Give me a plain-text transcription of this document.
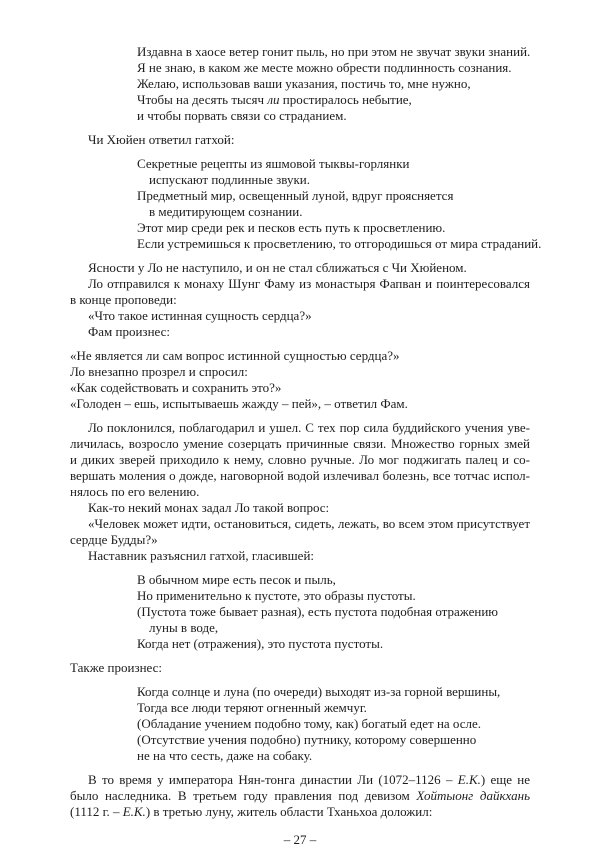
Издавна в хаосе ветер гонит пыль, но при этом не звучат звуки знаний.
Я не знаю, в каком же месте можно обрести подлинность сознания.
Желаю, использовав ваши указания, постичь то, мне нужно,
Чтобы на десять тысяч ли простиралось небытие,
и чтобы порвать связи со страданием.
Чи Хюйен ответил гатхой:
Секретные рецепты из яшмовой тыквы-горлянки
испускают подлинные звуки.
Предметный мир, освещенный луной, вдруг проясняется
в медитирующем сознании.
Этот мир среди рек и песков есть путь к просветлению.
Если устремишься к просветлению, то отгородишься от мира страданий.
Ясности у Ло не наступило, и он не стал сближаться с Чи Хюйеном.
Ло отправился к монаху Шунг Фаму из монастыря Фапван и поинтересовался
в конце проповеди:
«Что такое истинная сущность сердца?»
Фам произнес:
«Не является ли сам вопрос истинной сущностью сердца?»
Ло внезапно прозрел и спросил:
«Как содействовать и сохранить это?»
«Голоден – ешь, испытываешь жажду – пей», – ответил Фам.
Ло поклонился, поблагодарил и ушел. С тех пор сила буддийского учения уве-
личилась, возросло умение созерцать причинные связи. Множество горных змей
и диких зверей приходило к нему, словно ручные. Ло мог поджигать палец и со-
вершать моления о дожде, наговорной водой излечивал болезнь, все тотчас испол-
нялось по его велению.
Как-то некий монах задал Ло такой вопрос:
«Человек может идти, остановиться, сидеть, лежать, во всем этом присутствует
сердце Будды?»
Наставник разъяснил гатхой, гласившей:
В обычном мире есть песок и пыль,
Но применительно к пустоте, это образы пустоты.
(Пустота тоже бывает разная), есть пустота подобная отражению
луны в воде,
Когда нет (отражения), это пустота пустоты.
Также произнес:
Когда солнце и луна (по очереди) выходят из-за горной вершины,
Тогда все люди теряют огненный жемчуг.
(Обладание учением подобно тому, как) богатый едет на осле.
(Отсутствие учения подобно) путнику, которому совершенно
не на что сесть, даже на собаку.
В то время у императора Нян-тонга династии Ли (1072–1126 – Е.К.) еще не
было наследника. В третьем году правления под девизом Хойтыонг дайкхань
(1112 г. – Е.К.) в третью луну, житель области Тханьхоа доложил:
– 27 –
